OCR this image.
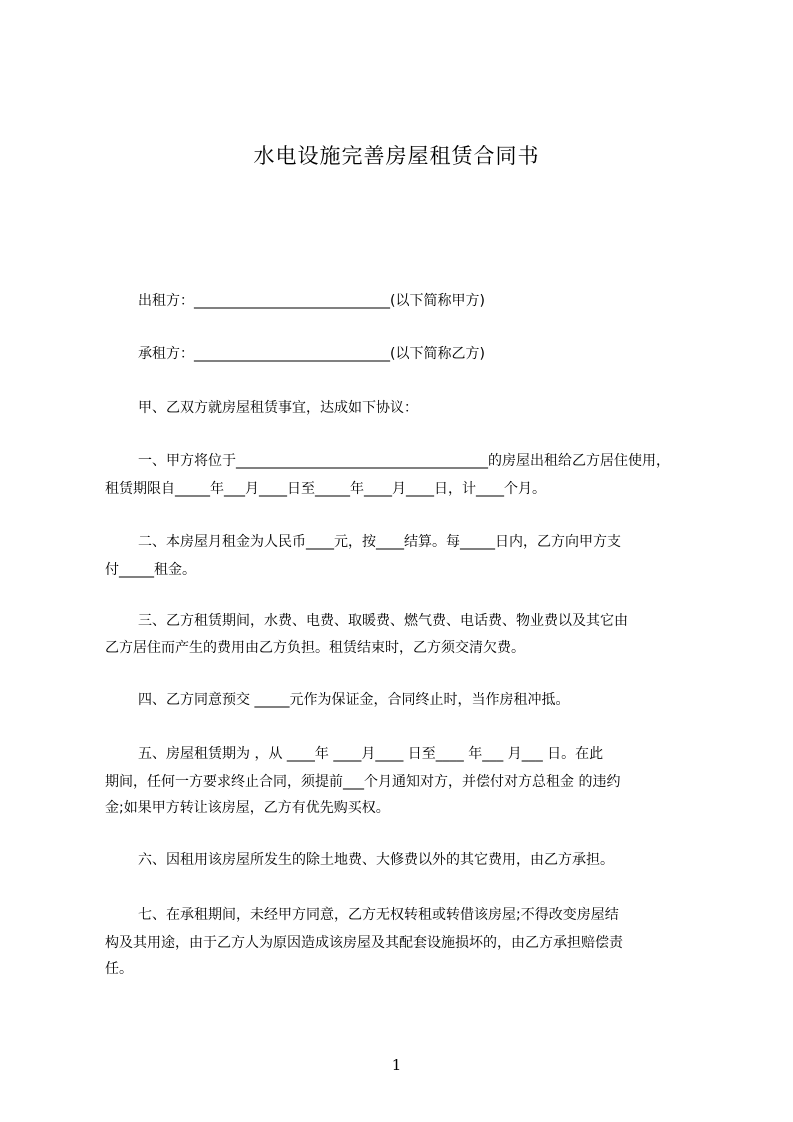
水电设施完善房屋租赁合同书

出租方：____________________________(以下简称甲方)

承租方：____________________________(以下简称乙方)

甲、乙双方就房屋租赁事宜，达成如下协议：

一、甲方将位于____________________________________的房屋出租给乙方居住使用，

租赁期限自_____年___月____日至_____年____月____日，计____个月。

二、本房屋月租金为人民币____元，按____结算。每_____日内，乙方向甲方支

付_____租金。

三、乙方租赁期间，水费、电费、取暖费、燃气费、电话费、物业费以及其它由

乙方居住而产生的费用由乙方负担。租赁结束时，乙方须交清欠费。

四、乙方同意预交 _____元作为保证金，合同终止时，当作房租冲抵。

五、房屋租赁期为 ，从 ____年 ____月____ 日至____ 年___ 月___ 日。在此

期间，任何一方要求终止合同，须提前___个月通知对方，并偿付对方总租金 的违约

金;如果甲方转让该房屋，乙方有优先购买权。

六、因租用该房屋所发生的除土地费、大修费以外的其它费用，由乙方承担。

七、在承租期间，未经甲方同意，乙方无权转租或转借该房屋;不得改变房屋结

构及其用途，由于乙方人为原因造成该房屋及其配套设施损坏的，由乙方承担赔偿责

任。

1
